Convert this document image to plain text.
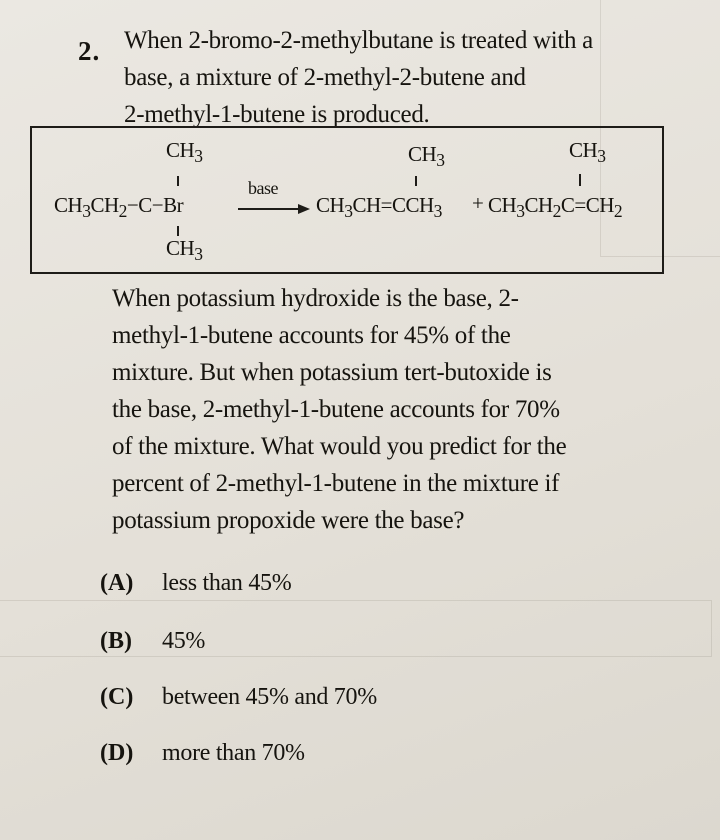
2. When 2-bromo-2-methylbutane is treated with a
base, a mixture of 2-methyl-2-butene and
2-methyl-1-butene is produced.
$CH_3$
$CH_3CH_2-C-Br$
$CH_3$
base
$CH_3$
$CH_3CH=CCH_3$ +
$CH_3$
$CH_3CH_2C=CH_2$
When potassium hydroxide is the base, 2-
methyl-1-butene accounts for 45% of the
mixture. But when potassium tert-butoxide is
the base, 2-methyl-1-butene accounts for 70%
of the mixture. What would you predict for the
percent of 2-methyl-1-butene in the mixture if
potassium propoxide were the base?
(A) less than 45%
(B) 45%
(C) between 45% and 70%
(D) more than 70%
